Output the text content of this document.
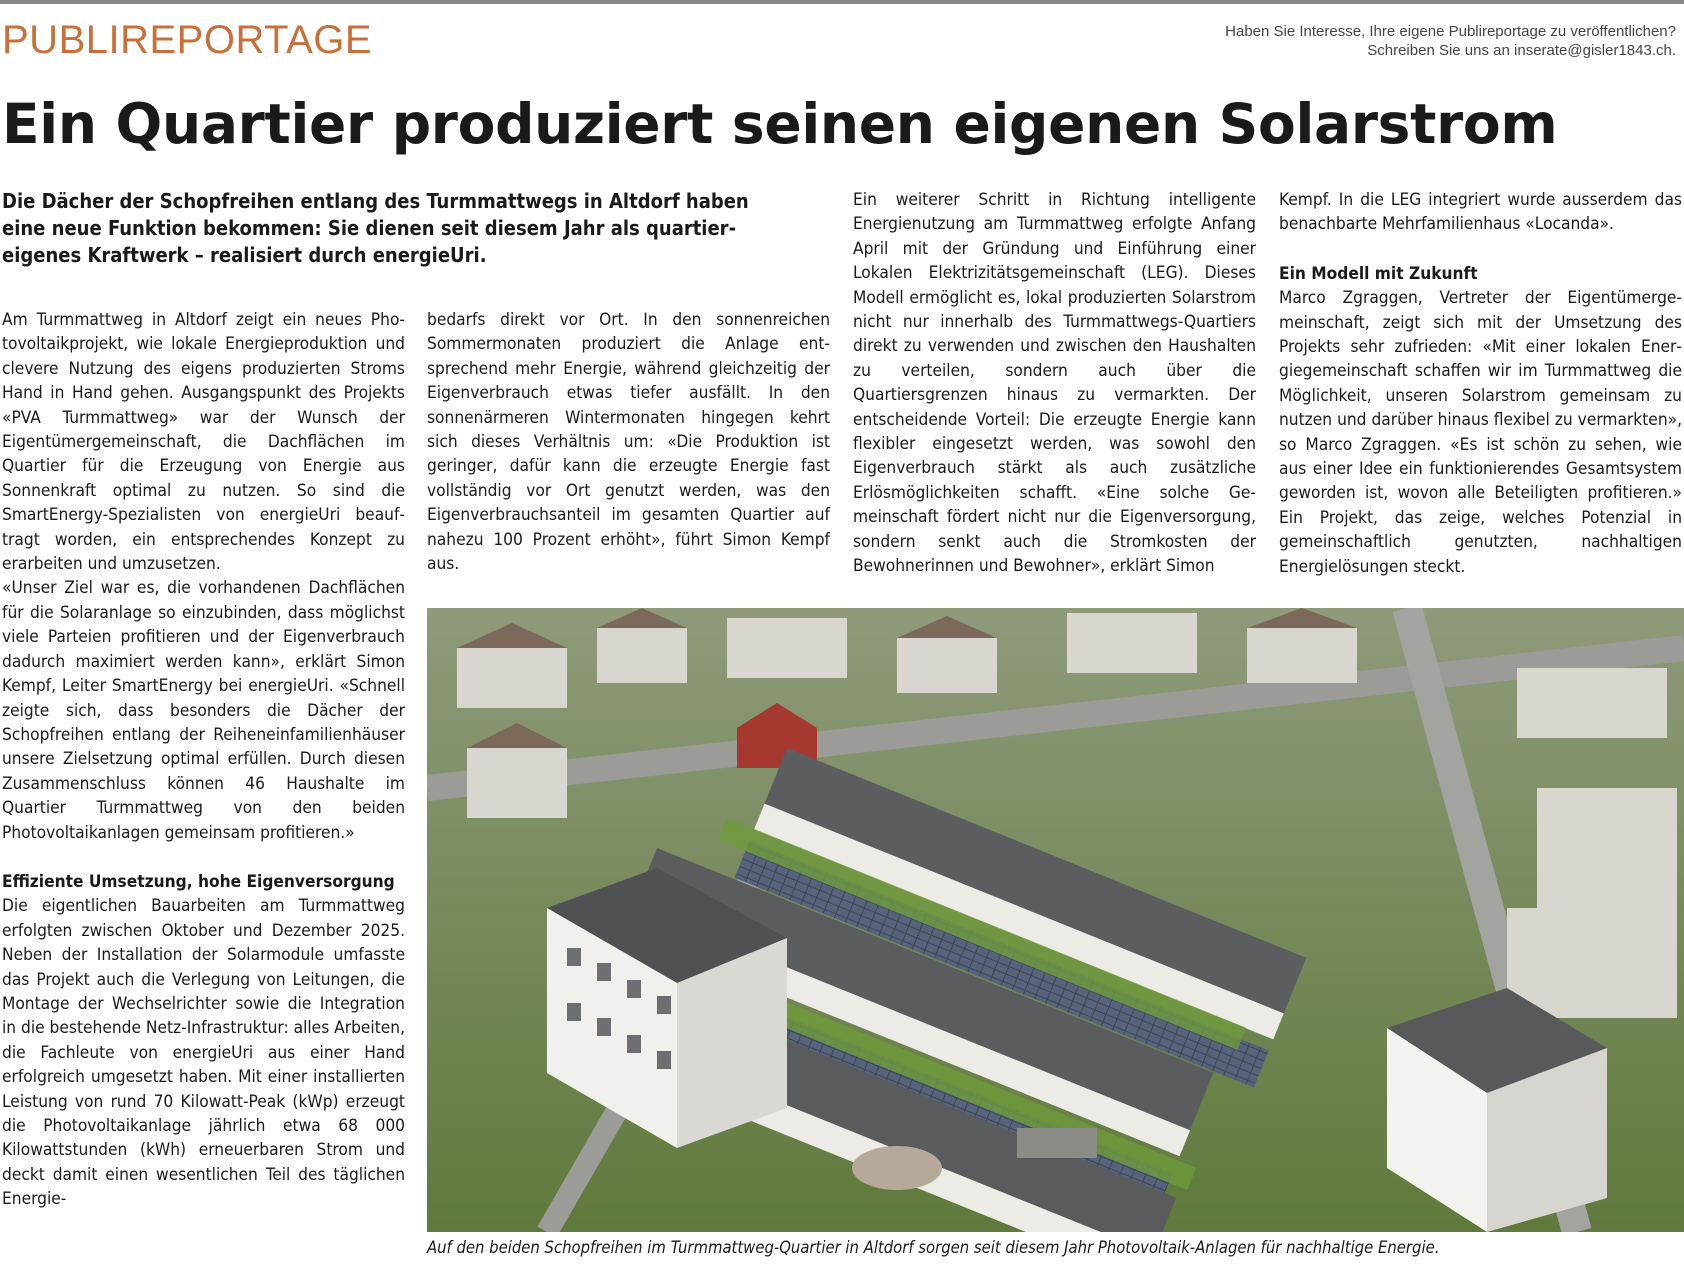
PUBLIREPORTAGE	Haben Sie Interesse, Ihre eigene Publireportage zu veröffentlichen?
Schreiben Sie uns an inserate@gisler1843.ch.
Ein Quartier produziert seinen eigenen Solarstrom

Die Dächer der Schopfreihen entlang des Turmmattwegs in Altdorf haben eine neue Funktion bekommen: Sie dienen seit diesem Jahr als quartiereigenes Kraftwerk – realisiert durch energieUri.

Am Turmmattweg in Altdorf zeigt ein neues Photovoltaikprojekt, wie lokale Energieproduktion und clevere Nutzung des eigens produzierten Stroms Hand in Hand gehen. Ausgangspunkt des Projekts «PVA Turmmattweg» war der Wunsch der Eigentümergemeinschaft, die Dachflächen im Quartier für die Erzeugung von Energie aus Sonnenkraft optimal zu nutzen. So sind die SmartEnergy-Spezialisten von energieUri beauftragt worden, ein entsprechendes Konzept zu erarbeiten und umzusetzen.

«Unser Ziel war es, die vorhandenen Dachflächen für die Solaranlage so einzubinden, dass möglichst viele Parteien profitieren und der Eigenverbrauch dadurch maximiert werden kann», erklärt Simon Kempf, Leiter SmartEnergy bei energieUri. «Schnell zeigte sich, dass besonders die Dächer der Schopfreihen entlang der Reiheneinfamilienhäuser unsere Zielsetzung optimal erfüllen. Durch diesen Zusammenschluss können 46 Haushalte im Quartier Turmmattweg von den beiden Photovoltaikanlagen gemeinsam profitieren.»

Effiziente Umsetzung, hohe Eigenversorgung

Die eigentlichen Bauarbeiten am Turmmattweg erfolgten zwischen Oktober und Dezember 2025. Neben der Installation der Solarmodule umfasste das Projekt auch die Verlegung von Leitungen, die Montage der Wechselrichter sowie die Integration in die bestehende Netz-Infrastruktur: alles Arbeiten, die Fachleute von energieUri aus einer Hand erfolgreich umgesetzt haben. Mit einer installierten Leistung von rund 70 Kilowatt-Peak (kWp) erzeugt die Photovoltaikanlage jährlich etwa 68 000 Kilowattstunden (kWh) erneuerbaren Strom und deckt damit einen wesentlichen Teil des täglichen Energie-

bedarfs direkt vor Ort. In den sonnenreichen Sommermonaten produziert die Anlage entsprechend mehr Energie, während gleichzeitig der Eigenverbrauch etwas tiefer ausfällt. In den sonnenärmeren Wintermonaten hingegen kehrt sich dieses Verhältnis um: «Die Produktion ist geringer, dafür kann die erzeugte Energie fast vollständig vor Ort genutzt werden, was den Eigenverbrauchsanteil im gesamten Quartier auf nahezu 100 Prozent erhöht», führt Simon Kempf aus.

Ein weiterer Schritt in Richtung intelligente Energienutzung am Turmmattweg erfolgte Anfang April mit der Gründung und Einführung einer Lokalen Elektrizitätsgemeinschaft (LEG). Dieses Modell ermöglicht es, lokal produzierten Solarstrom nicht nur innerhalb des Turmmattwegs-Quartiers direkt zu verwenden und zwischen den Haushalten zu verteilen, sondern auch über die Quartiersgrenzen hinaus zu vermarkten. Der entscheidende Vorteil: Die erzeugte Energie kann flexibler eingesetzt werden, was sowohl den Eigenverbrauch stärkt als auch zusätzliche Erlösmöglichkeiten schafft. «Eine solche Gemeinschaft fördert nicht nur die Eigenversorgung, sondern senkt auch die Stromkosten der Bewohnerinnen und Bewohner», erklärt Simon

Kempf. In die LEG integriert wurde ausserdem das benachbarte Mehrfamilienhaus «Locanda».

Ein Modell mit Zukunft

Marco Zgraggen, Vertreter der Eigentümergemeinschaft, zeigt sich mit der Umsetzung des Projekts sehr zufrieden: «Mit einer lokalen Energiegemeinschaft schaffen wir im Turmmattweg die Möglichkeit, unseren Solarstrom gemeinsam zu nutzen und darüber hinaus flexibel zu vermarkten», so Marco Zgraggen. «Es ist schön zu sehen, wie aus einer Idee ein funktionierendes Gesamtsystem geworden ist, wovon alle Beteiligten profitieren.» Ein Projekt, das zeige, welches Potenzial in gemeinschaftlich genutzten, nachhaltigen Energielösungen steckt.

Auf den beiden Schopfreihen im Turmmattweg-Quartier in Altdorf sorgen seit diesem Jahr Photovoltaik-Anlagen für nachhaltige Energie.
